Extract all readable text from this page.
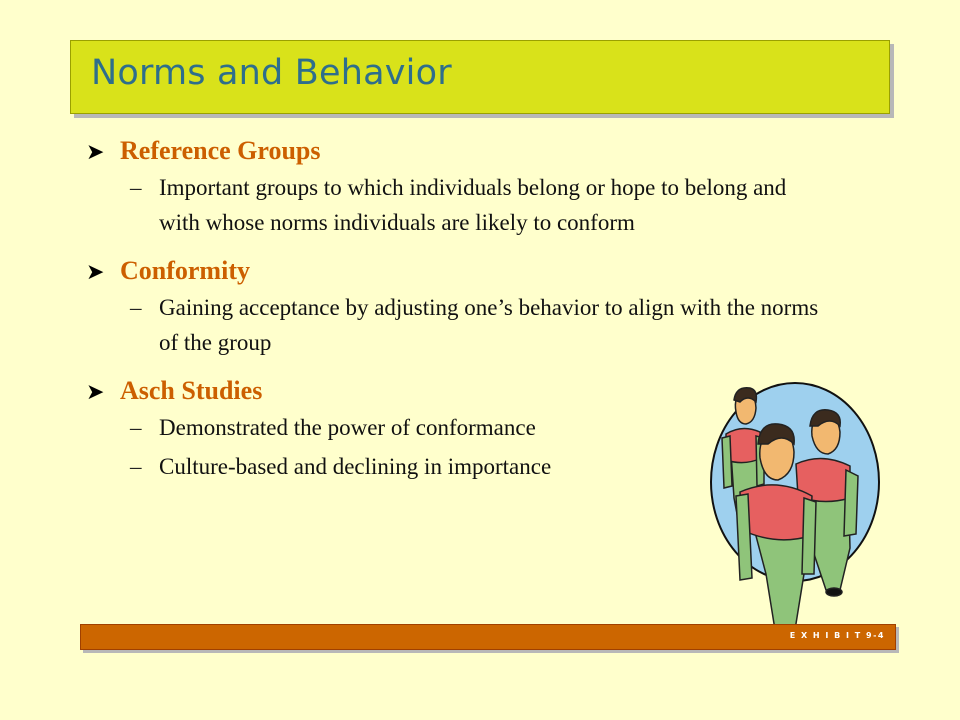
Norms and Behavior
➤ Reference Groups
– Important groups to which individuals belong or hope to belong and with whose norms individuals are likely to conform
➤ Conformity
– Gaining acceptance by adjusting one’s behavior to align with the norms of the group
➤ Asch Studies
– Demonstrated the power of conformance
– Culture-based and declining in importance
E X H I B I T 9-4
